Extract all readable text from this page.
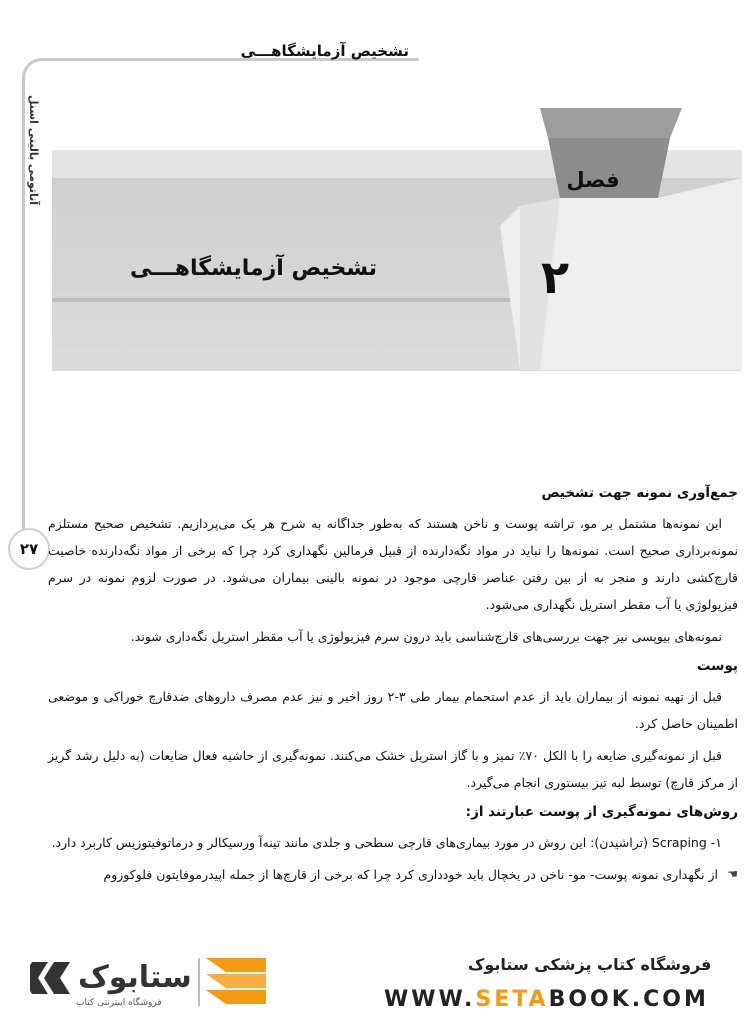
تشخیص آزمایشگاهـــی
آناتومی بالینی اسنل
۲۷
فصل
۲
تشخیص آزمایشگاهـــی
جمع‌آوری نمونه جهت تشخیص

این نمونه‌ها مشتمل بر مو، تراشه پوست و ناخن هستند که به‌طور جداگانه به شرح هر یک می‌پردازیم. تشخیص صحیح مستلزم نمونه‌برداری صحیح است. نمونه‌ها را نباید در مواد نگه‌دارنده از قبیل فرمالین نگهداری کرد چرا که برخی از مواد نگه‌دارنده خاصیت قارچ‌کشی دارند و منجر به از بین رفتن عناصر قارچی موجود در نمونه بالینی بیماران می‌شود. در صورت لزوم نمونه در سرم فیزیولوژی یا آب مقطر استریل نگهداری می‌شود.

نمونه‌های بیوپسی نیز جهت بررسی‌های قارچ‌شناسی باید درون سرم فیزیولوژی یا آب مقطر استریل نگه‌داری شوند.

پوست

قبل از تهیه نمونه از بیماران باید از عدم استحمام بیمار طی ۳-۲ روز اخیر و نیز عدم مصرف داروهای ضدقارچ خوراکی و موضعی اطمینان حاصل کرد.

قبل از نمونه‌گیری ضایعه را با الکل ۷۰٪ تمیز و با گاز استریل خشک می‌کنند. نمونه‌گیری از حاشیه فعال ضایعات (به دلیل رشد گریز از مرکز قارچ) توسط لبه تیز بیستوری انجام می‌گیرد.

روش‌های نمونه‌گیری از پوست عبارتند از:

۱- Scraping (تراشیدن): این روش در مورد بیماری‌های قارچی سطحی و جلدی مانند تینه‌آ ورسیکالر و درماتوفیتوزیس کاربرد دارد.

☚
از نگهداری نمونه پوست- مو- ناخن در یخچال باید خودداری کرد چرا که برخی از قارچ‌ها از جمله اپیدرموفایتون فلوکوزوم

ستابوک
فروشگاه اینترنتی کتاب
فروشگاه کتاب پزشکی ستابوک
WWW.SETABOOK.COM
